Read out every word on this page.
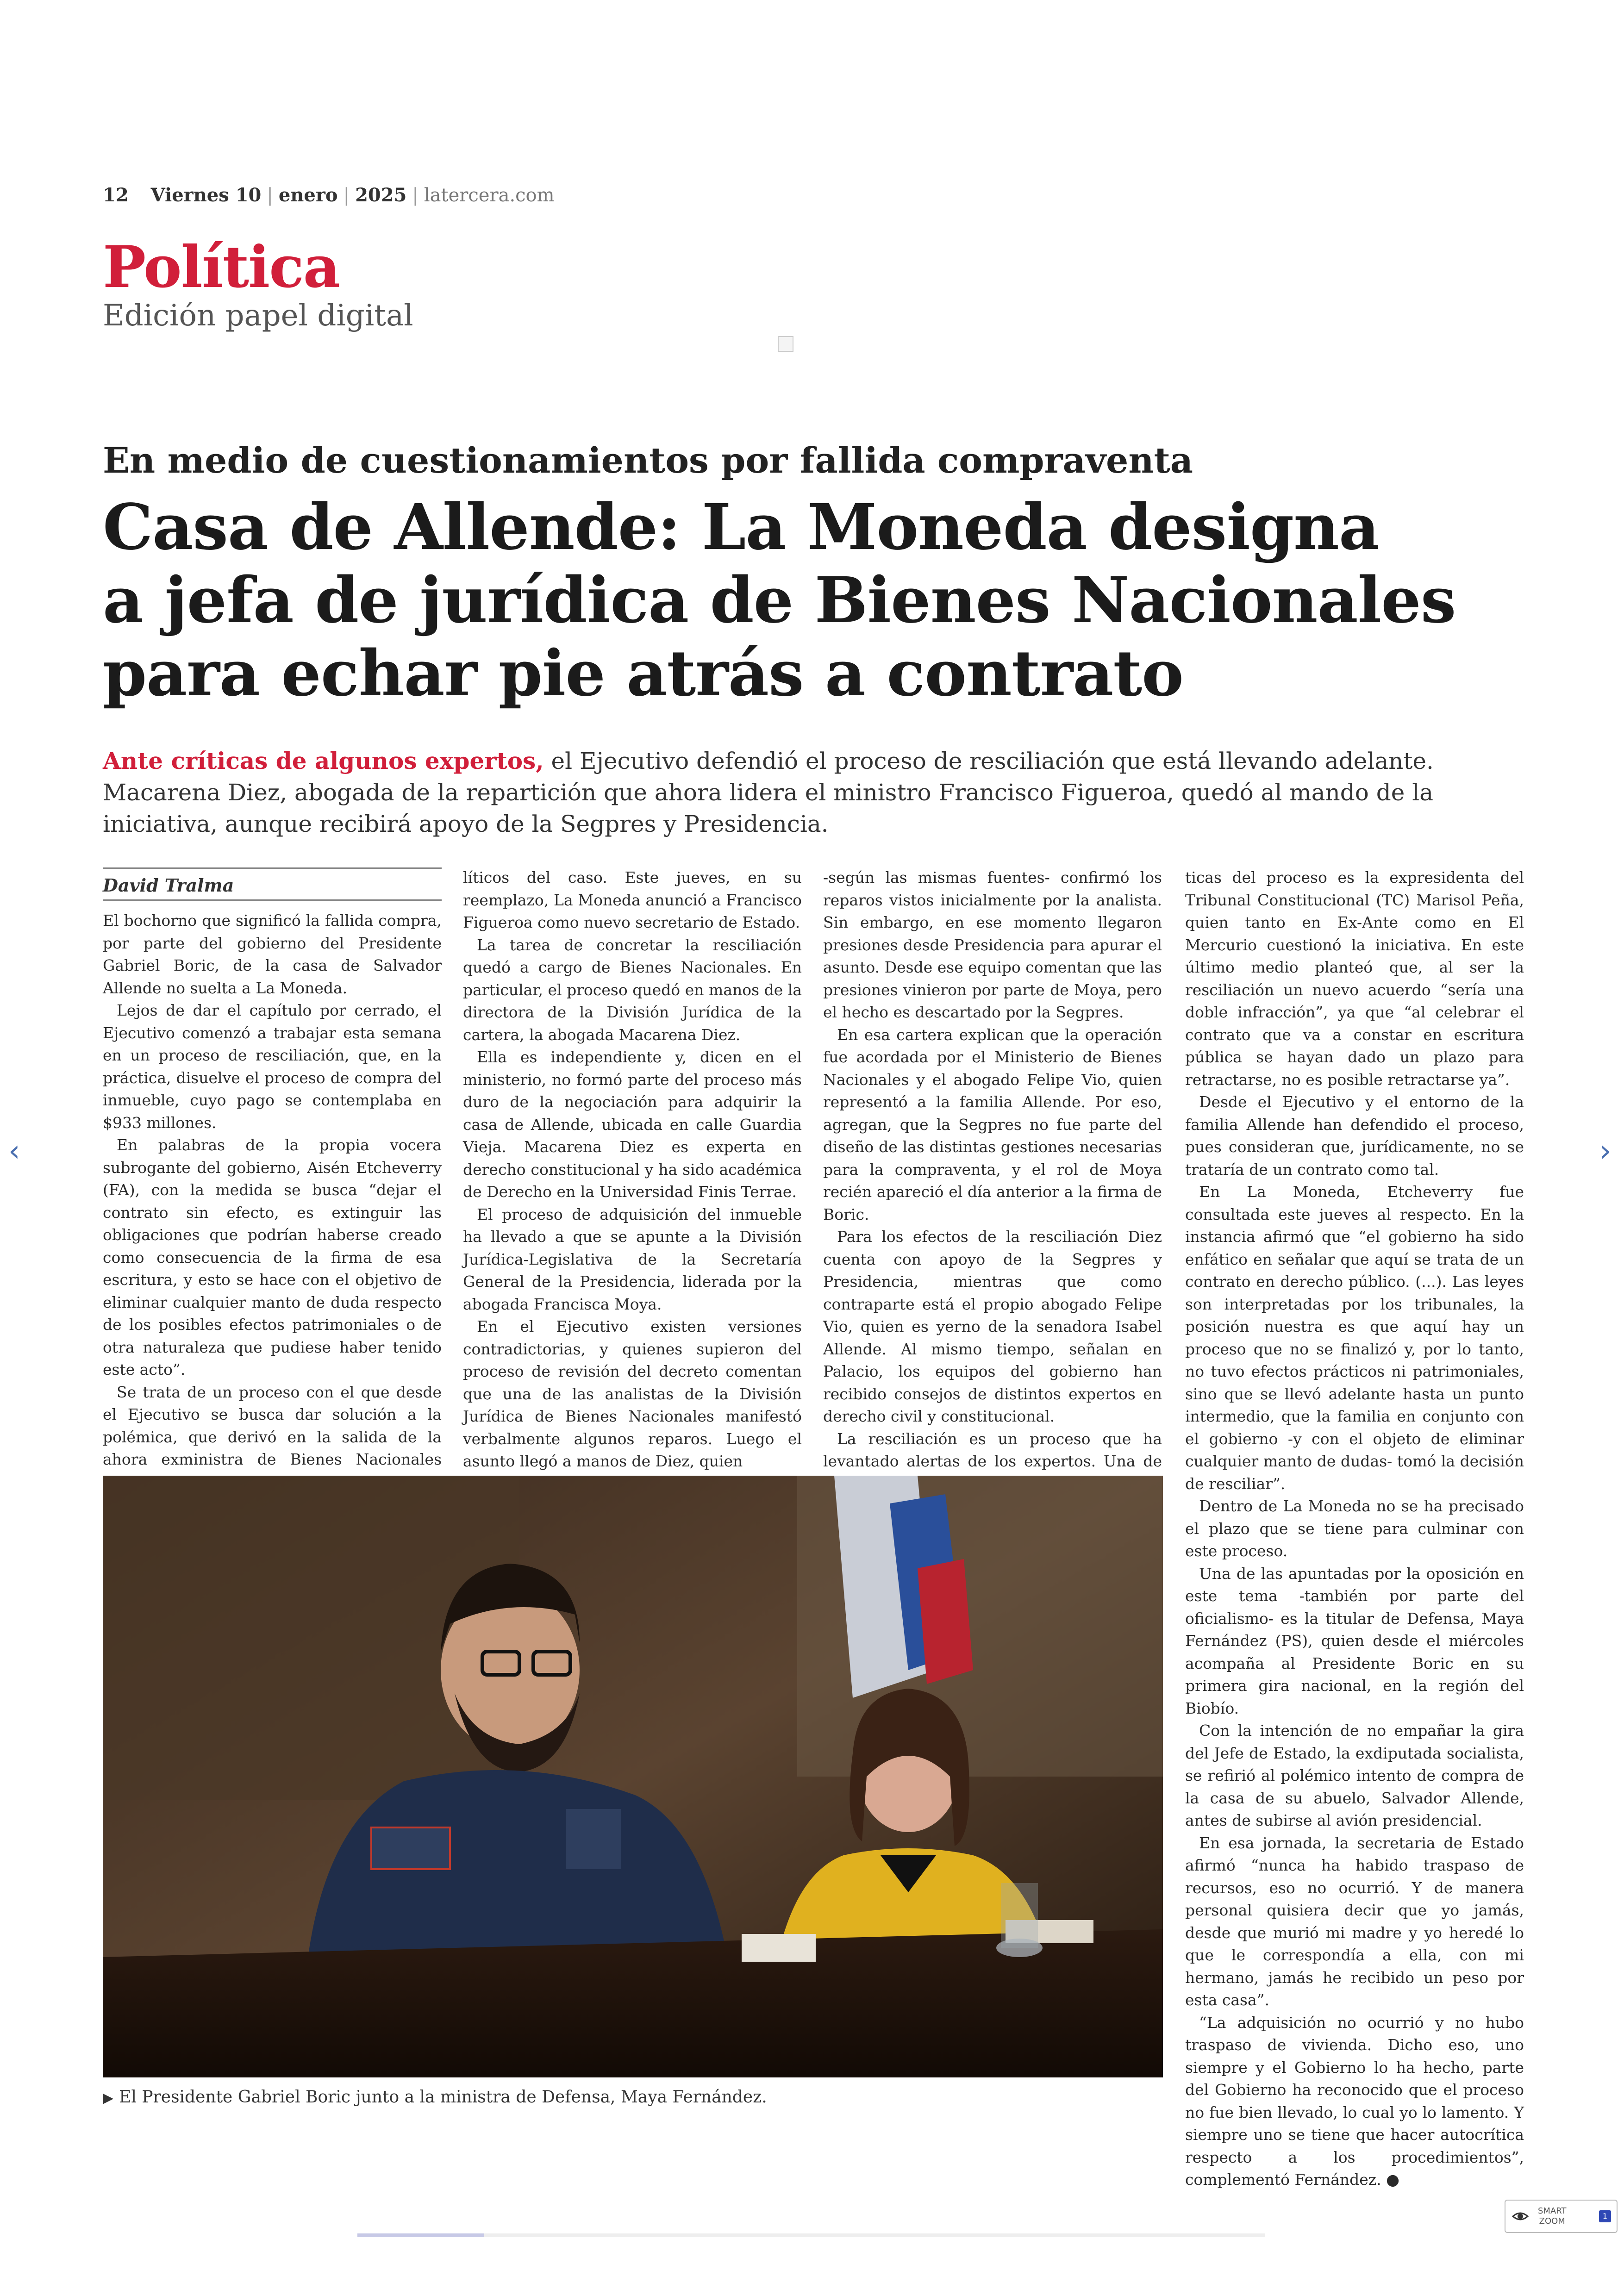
12 Viernes 10 | enero | 2025 | latercera.com
Política
Edición papel digital
En medio de cuestionamientos por fallida compraventa
Casa de Allende: La Moneda designa
a jefa de jurídica de Bienes Nacionales
para echar pie atrás a contrato
Ante críticas de algunos expertos, el Ejecutivo defendió el proceso de resciliación que está llevando adelante. Macarena Diez, abogada de la repartición que ahora lidera el ministro Francisco Figueroa, quedó al mando de la iniciativa, aunque recibirá apoyo de la Segpres y Presidencia.
David Tralma

El bochorno que significó la fallida compra, por parte del gobierno del Presidente Gabriel Boric, de la casa de Salvador Allende no suelta a La Moneda.

Lejos de dar el capítulo por cerrado, el Ejecutivo comenzó a trabajar esta semana en un proceso de resciliación, que, en la práctica, disuelve el proceso de compra del inmueble, cuyo pago se contemplaba en $933 millones.

En palabras de la propia vocera subrogante del gobierno, Aisén Etcheverry (FA), con la medida se busca “dejar el contrato sin efecto, es extinguir las obligaciones que podrían haberse creado como consecuencia de la firma de esa escritura, y esto se hace con el objetivo de eliminar cualquier manto de duda respecto de los posibles efectos patrimoniales o de otra naturaleza que pudiese haber tenido este acto”.

Se trata de un proceso con el que desde el Ejecutivo se busca dar solución a la polémica, que derivó en la salida de la ahora exministra de Bienes Nacionales

líticos del caso. Este jueves, en su reemplazo, La Moneda anunció a Francisco Figueroa como nuevo secretario de Estado.

La tarea de concretar la resciliación quedó a cargo de Bienes Nacionales. En particular, el proceso quedó en manos de la directora de la División Jurídica de la cartera, la abogada Macarena Diez.

Ella es independiente y, dicen en el ministerio, no formó parte del proceso más duro de la negociación para adquirir la casa de Allende, ubicada en calle Guardia Vieja. Macarena Diez es experta en derecho constitucional y ha sido académica de Derecho en la Universidad Finis Terrae.

El proceso de adquisición del inmueble ha llevado a que se apunte a la División Jurídica-Legislativa de la Secretaría General de la Presidencia, liderada por la abogada Francisca Moya.

En el Ejecutivo existen versiones contradictorias, y quienes supieron del proceso de revisión del decreto comentan que una de las analistas de la División Jurídica de Bienes Nacionales manifestó verbalmente algunos reparos. Luego el asunto llegó a manos de Diez, quien

-según las mismas fuentes- confirmó los reparos vistos inicialmente por la analista. Sin embargo, en ese momento llegaron presiones desde Presidencia para apurar el asunto. Desde ese equipo comentan que las presiones vinieron por parte de Moya, pero el hecho es descartado por la Segpres.

En esa cartera explican que la operación fue acordada por el Ministerio de Bienes Nacionales y el abogado Felipe Vio, quien representó a la familia Allende. Por eso, agregan, que la Segpres no fue parte del diseño de las distintas gestiones necesarias para la compraventa, y el rol de Moya recién apareció el día anterior a la firma de Boric.

Para los efectos de la resciliación Diez cuenta con apoyo de la Segpres y Presidencia, mientras que como contraparte está el propio abogado Felipe Vio, quien es yerno de la senadora Isabel Allende. Al mismo tiempo, señalan en Palacio, los equipos del gobierno han recibido consejos de distintos expertos en derecho civil y constitucional.

La resciliación es un proceso que ha levantado alertas de los expertos. Una de

ticas del proceso es la expresidenta del Tribunal Constitucional (TC) Marisol Peña, quien tanto en Ex-Ante como en El Mercurio cuestionó la iniciativa. En este último medio planteó que, al ser la resciliación un nuevo acuerdo “sería una doble infracción”, ya que “al celebrar el contrato que va a constar en escritura pública se hayan dado un plazo para retractarse, no es posible retractarse ya”.

Desde el Ejecutivo y el entorno de la familia Allende han defendido el proceso, pues consideran que, jurídicamente, no se trataría de un contrato como tal.

En La Moneda, Etcheverry fue consultada este jueves al respecto. En la instancia afirmó que “el gobierno ha sido enfático en señalar que aquí se trata de un contrato en derecho público. (...). Las leyes son interpretadas por los tribunales, la posición nuestra es que aquí hay un proceso que no se finalizó y, por lo tanto, no tuvo efectos prácticos ni patrimoniales, sino que se llevó adelante hasta un punto intermedio, que la familia en conjunto con el gobierno -y con el objeto de eliminar cualquier manto de dudas- tomó la decisión de resciliar”.

Dentro de La Moneda no se ha precisado el plazo que se tiene para culminar con este proceso.

Una de las apuntadas por la oposición en este tema -también por parte del oficialismo- es la titular de Defensa, Maya Fernández (PS), quien desde el miércoles acompaña al Presidente Boric en su primera gira nacional, en la región del Biobío.

Con la intención de no empañar la gira del Jefe de Estado, la exdiputada socialista, se refirió al polémico intento de compra de la casa de su abuelo, Salvador Allende, antes de subirse al avión presidencial.

En esa jornada, la secretaria de Estado afirmó “nunca ha habido traspaso de recursos, eso no ocurrió. Y de manera personal quisiera decir que yo jamás, desde que murió mi madre y yo heredé lo que le correspondía a ella, con mi hermano, jamás he recibido un peso por esta casa”.

“La adquisición no ocurrió y no hubo traspaso de vivienda. Dicho eso, uno siempre y el Gobierno lo ha hecho, parte del Gobierno ha reconocido que el proceso no fue bien llevado, lo cual yo lo lamento. Y siempre uno se tiene que hacer autocrítica respecto a los procedimientos”, complementó Fernández. ●

▶ El Presidente Gabriel Boric junto a la ministra de Defensa, Maya Fernández.
‹	›
SMART
ZOOM
1
